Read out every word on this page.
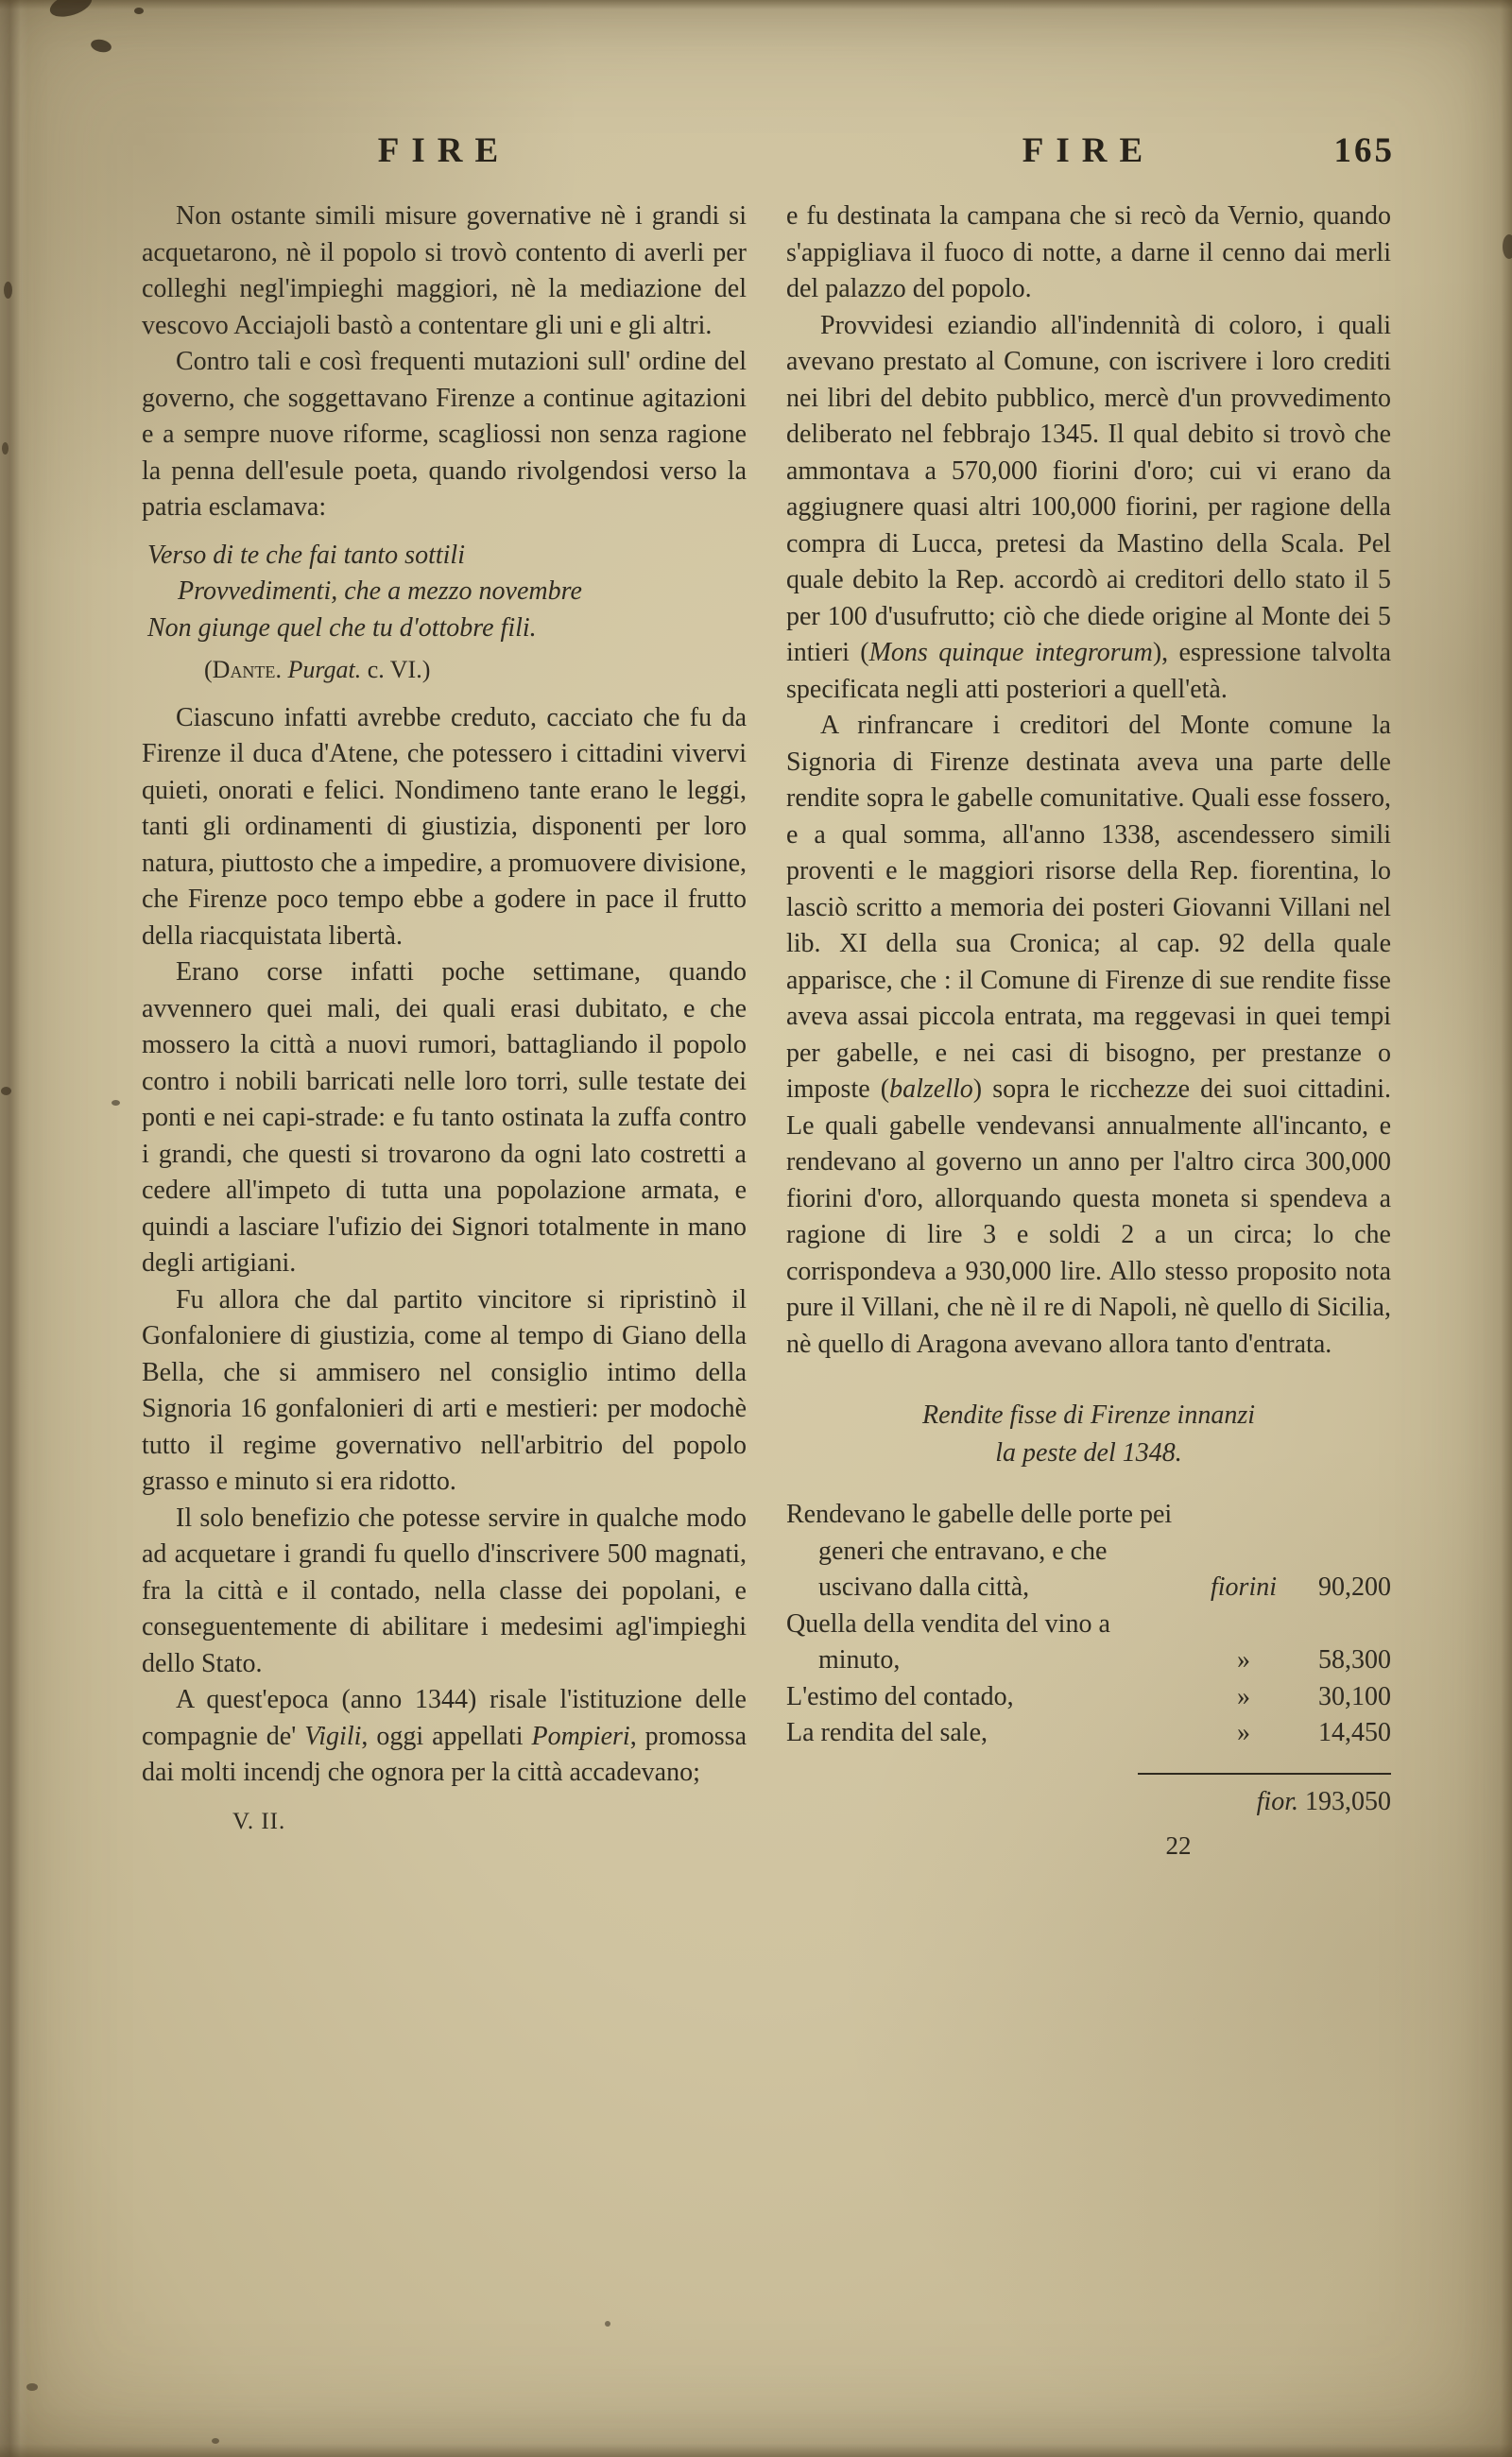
FIRE

Non ostante simili misure governative nè i grandi si acquetarono, nè il popolo si trovò contento di averli per colleghi negl'impieghi maggiori, nè la mediazione del vescovo Acciajoli bastò a contentare gli uni e gli altri.

Contro tali e così frequenti mutazioni sull' ordine del governo, che soggettavano Firenze a continue agitazioni e a sempre nuove riforme, scagliossi non senza ragione la penna dell'esule poeta, quando rivolgendosi verso la patria esclamava:

Verso di te che fai tanto sottili
Provvedimenti, che a mezzo novembre
Non giunge quel che tu d'ottobre fili.
(Dante. Purgat. c. VI.)

Ciascuno infatti avrebbe creduto, cacciato che fu da Firenze il duca d'Atene, che potessero i cittadini vivervi quieti, onorati e felici. Nondimeno tante erano le leggi, tanti gli ordinamenti di giustizia, disponenti per loro natura, piuttosto che a impedire, a promuovere divisione, che Firenze poco tempo ebbe a godere in pace il frutto della riacquistata libertà.

Erano corse infatti poche settimane, quando avvennero quei mali, dei quali erasi dubitato, e che mossero la città a nuovi rumori, battagliando il popolo contro i nobili barricati nelle loro torri, sulle testate dei ponti e nei capi-strade: e fu tanto ostinata la zuffa contro i grandi, che questi si trovarono da ogni lato costretti a cedere all'impeto di tutta una popolazione armata, e quindi a lasciare l'ufizio dei Signori totalmente in mano degli artigiani.

Fu allora che dal partito vincitore si ripristinò il Gonfaloniere di giustizia, come al tempo di Giano della Bella, che si ammisero nel consiglio intimo della Signoria 16 gonfalonieri di arti e mestieri: per modochè tutto il regime governativo nell'arbitrio del popolo grasso e minuto si era ridotto.

Il solo benefizio che potesse servire in qualche modo ad acquetare i grandi fu quello d'inscrivere 500 magnati, fra la città e il contado, nella classe dei popolani, e conseguentemente di abilitare i medesimi agl'impieghi dello Stato.

A quest'epoca (anno 1344) risale l'istituzione delle compagnie de' Vigili, oggi appellati Pompieri, promossa dai molti incendj che ognora per la città accadevano;

V. II.
FIRE	165

e fu destinata la campana che si recò da Vernio, quando s'appigliava il fuoco di notte, a darne il cenno dai merli del palazzo del popolo.

Provvidesi eziandio all'indennità di coloro, i quali avevano prestato al Comune, con iscrivere i loro crediti nei libri del debito pubblico, mercè d'un provvedimento deliberato nel febbrajo 1345. Il qual debito si trovò che ammontava a 570,000 fiorini d'oro; cui vi erano da aggiugnere quasi altri 100,000 fiorini, per ragione della compra di Lucca, pretesi da Mastino della Scala. Pel quale debito la Rep. accordò ai creditori dello stato il 5 per 100 d'usufrutto; ciò che diede origine al Monte dei 5 intieri (Mons quinque integrorum), espressione talvolta specificata negli atti posteriori a quell'età.

A rinfrancare i creditori del Monte comune la Signoria di Firenze destinata aveva una parte delle rendite sopra le gabelle comunitative. Quali esse fossero, e a qual somma, all'anno 1338, ascendessero simili proventi e le maggiori risorse della Rep. fiorentina, lo lasciò scritto a memoria dei posteri Giovanni Villani nel lib. XI della sua Cronica; al cap. 92 della quale apparisce, che : il Comune di Firenze di sue rendite fisse aveva assai piccola entrata, ma reggevasi in quei tempi per gabelle, e nei casi di bisogno, per prestanze o imposte (balzello) sopra le ricchezze dei suoi cittadini. Le quali gabelle vendevansi annualmente all'incanto, e rendevano al governo un anno per l'altro circa 300,000 fiorini d'oro, allorquando questa moneta si spendeva a ragione di lire 3 e soldi 2 a un circa; lo che corrispondeva a 930,000 lire. Allo stesso proposito nota pure il Villani, che nè il re di Napoli, nè quello di Sicilia, nè quello di Aragona avevano allora tanto d'entrata.

Rendite fisse di Firenze innanzi
la peste del 1348.
Rendevano le gabelle delle porte pei generi che entravano, e che uscivano dalla città,	fiorini	90,200
Quella della vendita del vino a minuto,	»	58,300
L'estimo del contado,	»	30,100
La rendita del sale,	»	14,450
fior. 193,050
22
